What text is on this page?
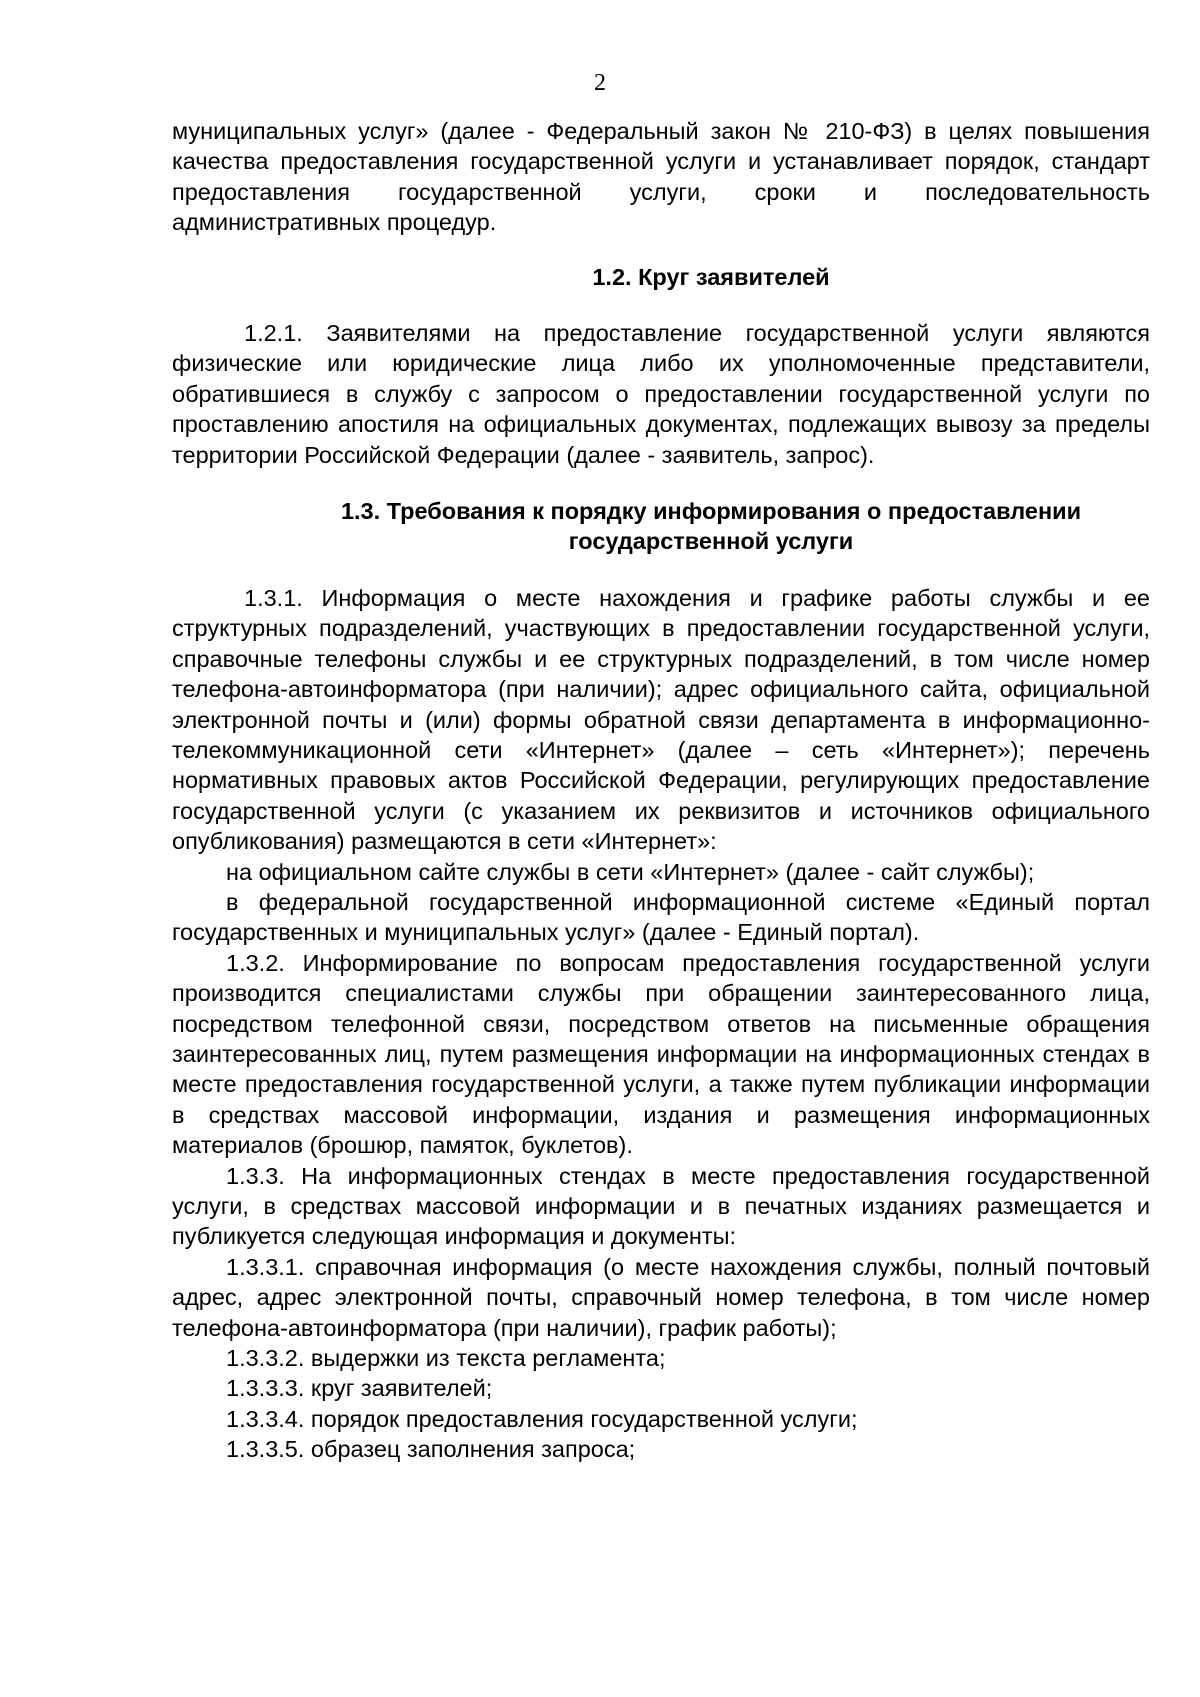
2

муниципальных услуг» (далее - Федеральный закон № 210-ФЗ) в целях повышения качества предоставления государственной услуги и устанавливает порядок, стандарт предоставления государственной услуги, сроки и последовательность административных процедур.

1.2. Круг заявителей

1.2.1. Заявителями на предоставление государственной услуги являются физические или юридические лица либо их уполномоченные представители, обратившиеся в службу с запросом о предоставлении государственной услуги по проставлению апостиля на официальных документах, подлежащих вывозу за пределы территории Российской Федерации (далее - заявитель, запрос).

1.3. Требования к порядку информирования о предоставлении
государственной услуги

1.3.1. Информация о месте нахождения и графике работы службы и ее структурных подразделений, участвующих в предоставлении государственной услуги, справочные телефоны службы и ее структурных подразделений, в том числе номер телефона-автоинформатора (при наличии); адрес официального сайта, официальной электронной почты и (или) формы обратной связи департамента в информационно-телекоммуникационной сети «Интернет» (далее – сеть «Интернет»); перечень нормативных правовых актов Российской Федерации, регулирующих предоставление государственной услуги (с указанием их реквизитов и источников официального опубликования) размещаются в сети «Интернет»:

на официальном сайте службы в сети «Интернет» (далее - сайт службы);

в федеральной государственной информационной системе «Единый портал государственных и муниципальных услуг» (далее - Единый портал).

1.3.2. Информирование по вопросам предоставления государственной услуги производится специалистами службы при обращении заинтересованного лица, посредством телефонной связи, посредством ответов на письменные обращения заинтересованных лиц, путем размещения информации на информационных стендах в месте предоставления государственной услуги, а также путем публикации информации в средствах массовой информации, издания и размещения информационных материалов (брошюр, памяток, буклетов).

1.3.3. На информационных стендах в месте предоставления государственной услуги, в средствах массовой информации и в печатных изданиях размещается и публикуется следующая информация и документы:

1.3.3.1. справочная информация (о месте нахождения службы, полный почтовый адрес, адрес электронной почты, справочный номер телефона, в том числе номер телефона-автоинформатора (при наличии), график работы);

1.3.3.2. выдержки из текста регламента;

1.3.3.3. круг заявителей;

1.3.3.4. порядок предоставления государственной услуги;

1.3.3.5. образец заполнения запроса;
